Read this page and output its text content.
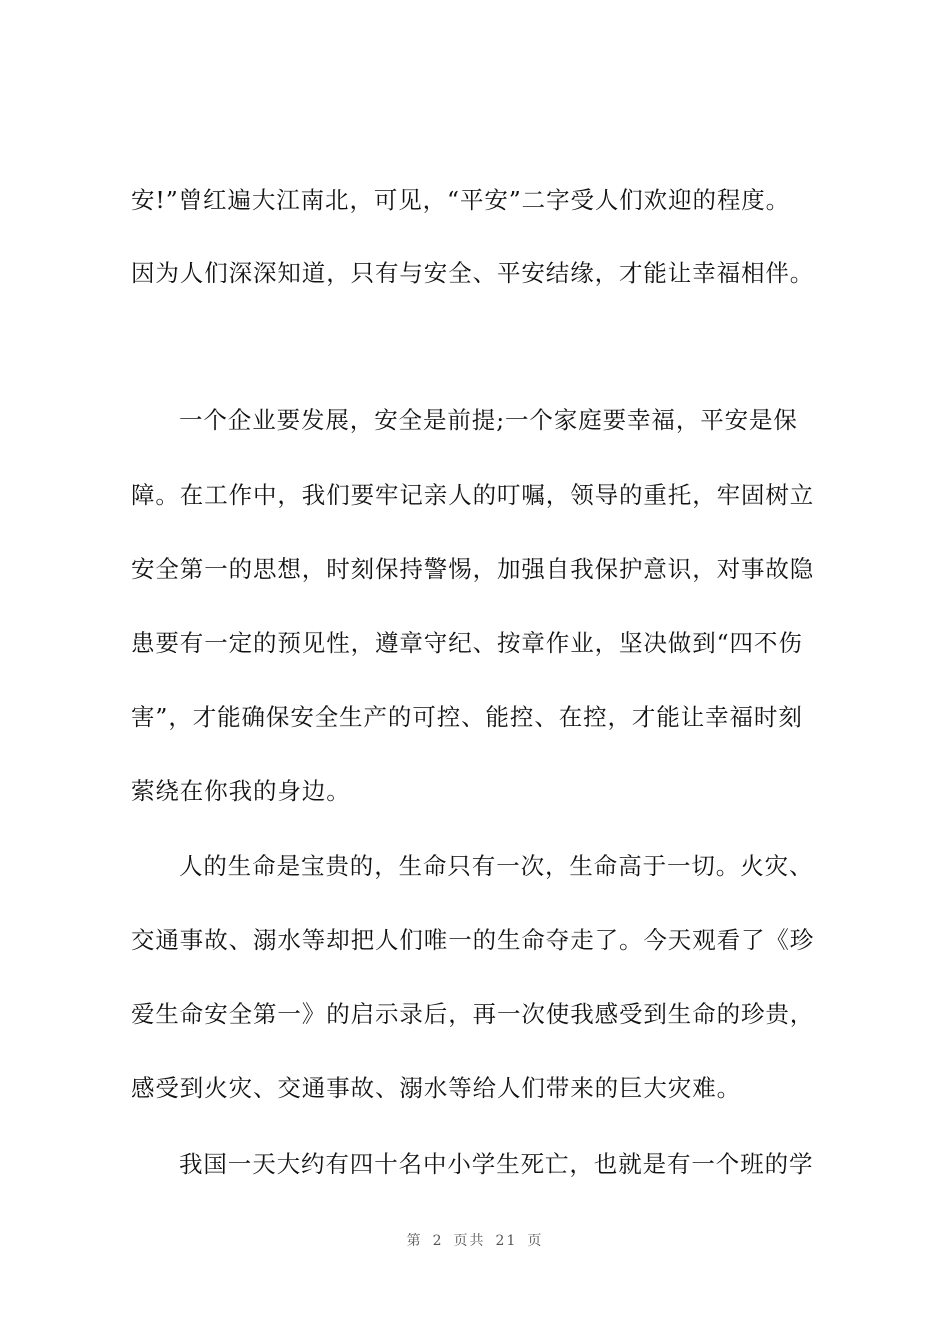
安!”曾红遍大江南北，可见，“平安”二字受人们欢迎的程度。
因为人们深深知道，只有与安全、平安结缘，才能让幸福相伴。
一个企业要发展，安全是前提;一个家庭要幸福，平安是保
障。在工作中，我们要牢记亲人的叮嘱，领导的重托，牢固树立
安全第一的思想，时刻保持警惕，加强自我保护意识，对事故隐
患要有一定的预见性，遵章守纪、按章作业，坚决做到“四不伤
害”，才能确保安全生产的可控、能控、在控，才能让幸福时刻
萦绕在你我的身边。
人的生命是宝贵的，生命只有一次，生命高于一切。火灾、
交通事故、溺水等却把人们唯一的生命夺走了。今天观看了《珍
爱生命安全第一》的启示录后，再一次使我感受到生命的珍贵，
感受到火灾、交通事故、溺水等给人们带来的巨大灾难。
我国一天大约有四十名中小学生死亡，也就是有一个班的学
第 2 页共 21 页
